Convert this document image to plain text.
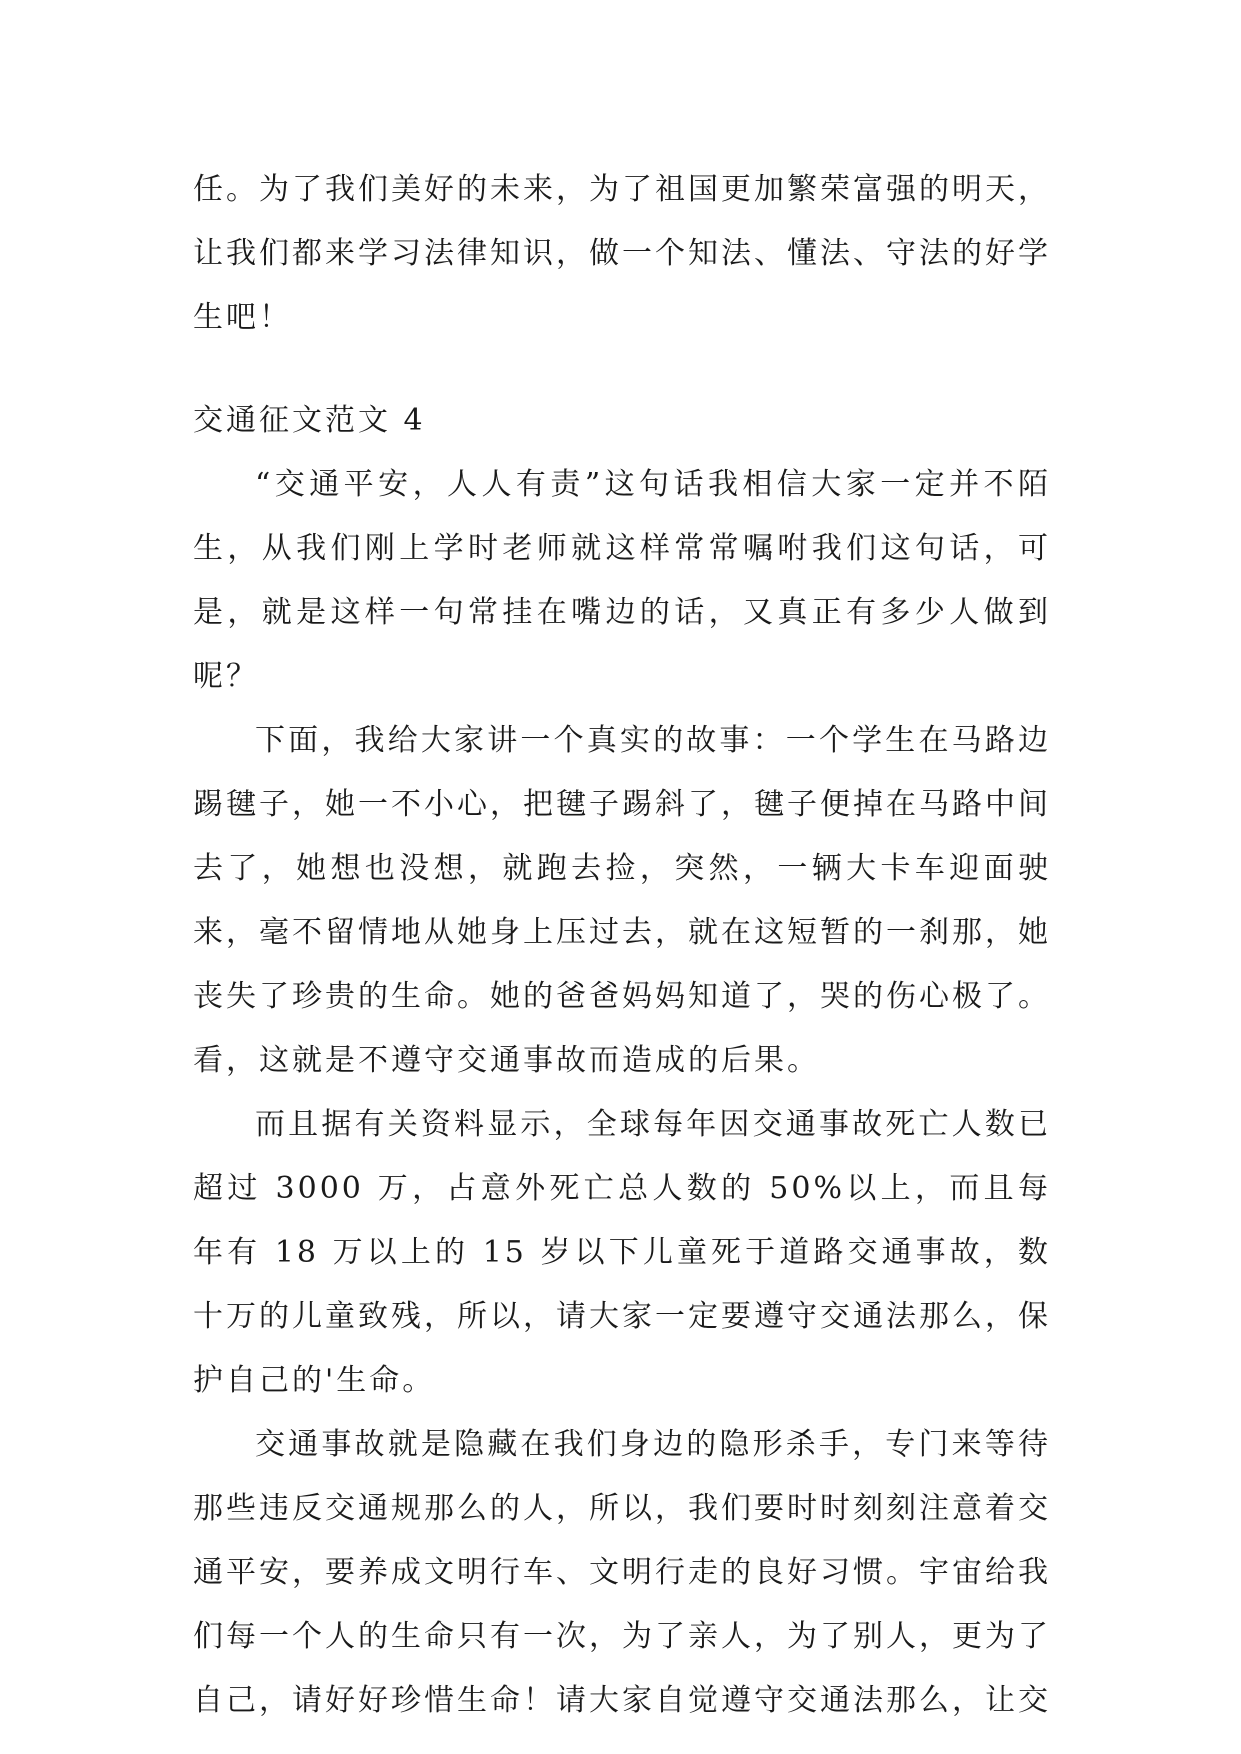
任。为了我们美好的未来，为了祖国更加繁荣富强的明天，让我们都来学习法律知识，做一个知法、懂法、守法的好学生吧！

交通征文范文 4

“交通平安，人人有责”这句话我相信大家一定并不陌生，从我们刚上学时老师就这样常常嘱咐我们这句话，可是，就是这样一句常挂在嘴边的话，又真正有多少人做到呢？

下面，我给大家讲一个真实的故事：一个学生在马路边踢毽子，她一不小心，把毽子踢斜了，毽子便掉在马路中间去了，她想也没想，就跑去捡，突然，一辆大卡车迎面驶来，毫不留情地从她身上压过去，就在这短暂的一刹那，她丧失了珍贵的生命。她的爸爸妈妈知道了，哭的伤心极了。看，这就是不遵守交通事故而造成的后果。

而且据有关资料显示，全球每年因交通事故死亡人数已超过 3000 万，占意外死亡总人数的 50%以上，而且每年有 18 万以上的 15 岁以下儿童死于道路交通事故，数十万的儿童致残，所以，请大家一定要遵守交通法那么，保护自己的'生命。

交通事故就是隐藏在我们身边的隐形杀手，专门来等待那些违反交通规那么的人，所以，我们要时时刻刻注意着交通平安，要养成文明行车、文明行走的良好习惯。宇宙给我们每一个人的生命只有一次，为了亲人，为了别人，更为了自己，请好好珍惜生命！请大家自觉遵守交通法那么，让交
